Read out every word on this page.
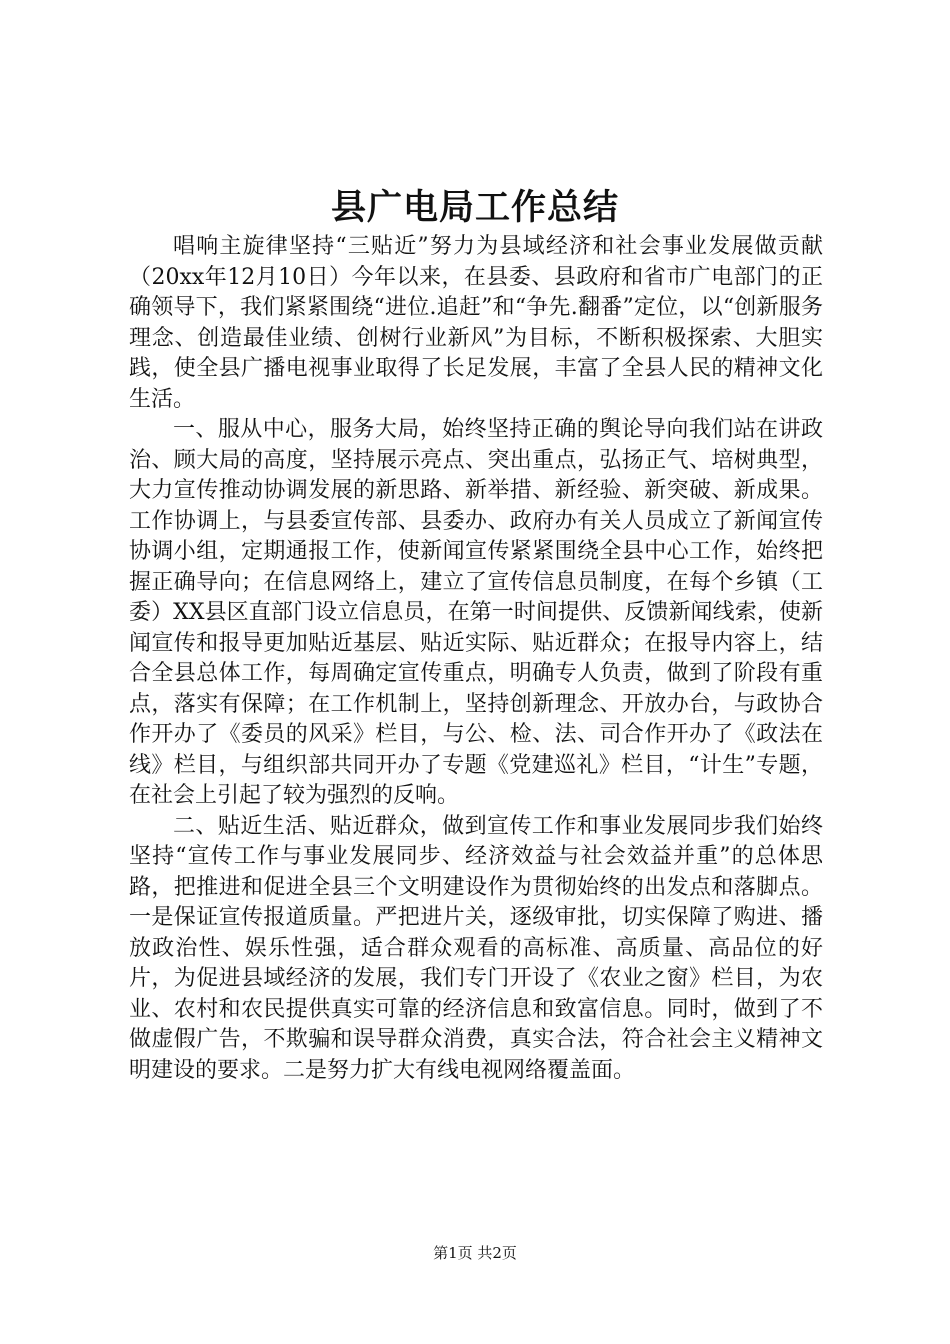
县广电局工作总结

唱响主旋律坚持“三贴近”努力为县域经济和社会事业发展做贡献（20xx年12月10日）今年以来，在县委、县政府和省市广电部门的正确领导下，我们紧紧围绕“进位.追赶”和“争先.翻番”定位，以“创新服务理念、创造最佳业绩、创树行业新风”为目标，不断积极探索、大胆实践，使全县广播电视事业取得了长足发展，丰富了全县人民的精神文化生活。

一、服从中心，服务大局，始终坚持正确的舆论导向我们站在讲政治、顾大局的高度，坚持展示亮点、突出重点，弘扬正气、培树典型，大力宣传推动协调发展的新思路、新举措、新经验、新突破、新成果。工作协调上，与县委宣传部、县委办、政府办有关人员成立了新闻宣传协调小组，定期通报工作，使新闻宣传紧紧围绕全县中心工作，始终把握正确导向；在信息网络上，建立了宣传信息员制度，在每个乡镇（工委）XX县区直部门设立信息员，在第一时间提供、反馈新闻线索，使新闻宣传和报导更加贴近基层、贴近实际、贴近群众；在报导内容上，结合全县总体工作，每周确定宣传重点，明确专人负责，做到了阶段有重点，落实有保障；在工作机制上，坚持创新理念、开放办台，与政协合作开办了《委员的风采》栏目，与公、检、法、司合作开办了《政法在线》栏目，与组织部共同开办了专题《党建巡礼》栏目，“计生”专题，在社会上引起了较为强烈的反响。

二、贴近生活、贴近群众，做到宣传工作和事业发展同步我们始终坚持“宣传工作与事业发展同步、经济效益与社会效益并重”的总体思路，把推进和促进全县三个文明建设作为贯彻始终的出发点和落脚点。一是保证宣传报道质量。严把进片关，逐级审批，切实保障了购进、播放政治性、娱乐性强，适合群众观看的高标准、高质量、高品位的好片，为促进县域经济的发展，我们专门开设了《农业之窗》栏目，为农业、农村和农民提供真实可靠的经济信息和致富信息。同时，做到了不做虚假广告，不欺骗和误导群众消费，真实合法，符合社会主义精神文明建设的要求。二是努力扩大有线电视网络覆盖面。

第1页 共2页
